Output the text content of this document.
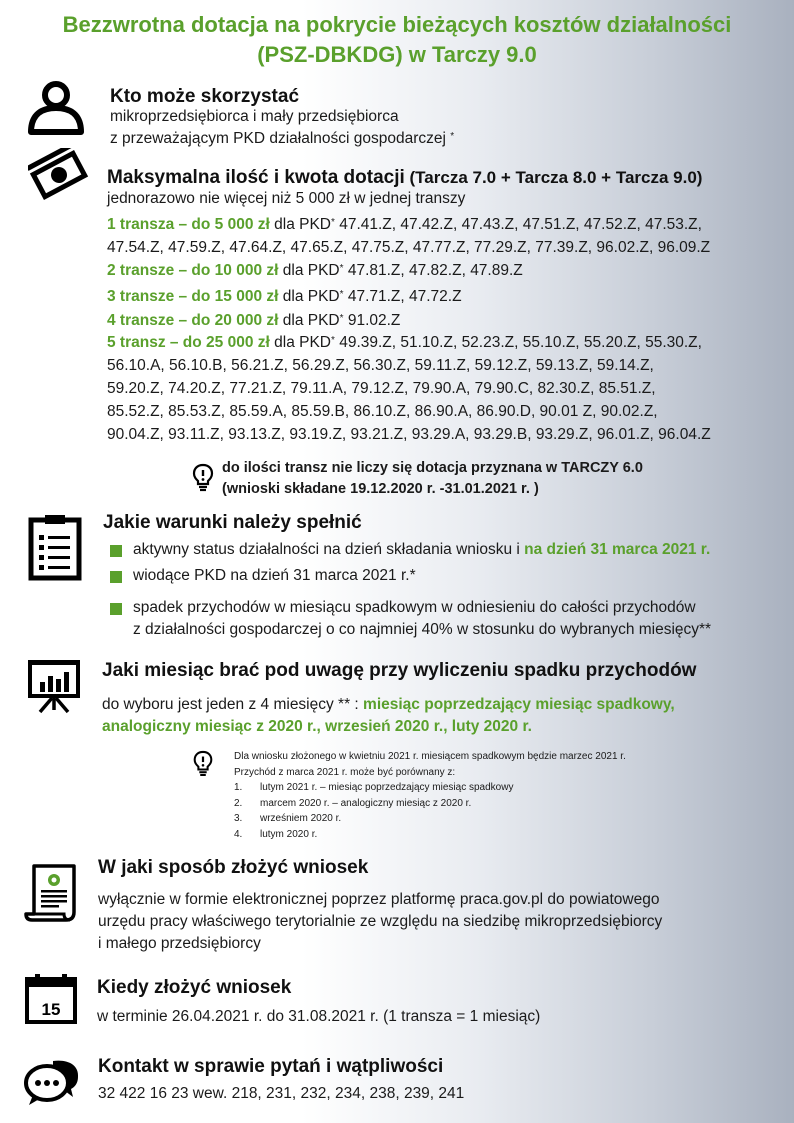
Bezzwrotna dotacja na pokrycie bieżących kosztów działalności
(PSZ-DBKDG) w Tarczy 9.0
Kto może skorzystać
mikroprzedsiębiorca i mały przedsiębiorca
z przeważającym PKD działalności gospodarczej *
Maksymalna ilość i kwota dotacji (Tarcza 7.0 + Tarcza 8.0 + Tarcza 9.0)
jednorazowo nie więcej niż 5 000 zł w jednej transzy
1 transza – do 5 000 zł dla PKD* 47.41.Z, 47.42.Z, 47.43.Z, 47.51.Z, 47.52.Z, 47.53.Z,
47.54.Z, 47.59.Z, 47.64.Z, 47.65.Z, 47.75.Z, 47.77.Z, 77.29.Z, 77.39.Z, 96.02.Z, 96.09.Z
2 transze – do 10 000 zł dla PKD* 47.81.Z, 47.82.Z, 47.89.Z
3 transze – do 15 000 zł dla PKD* 47.71.Z, 47.72.Z
4 transze – do 20 000 zł dla PKD* 91.02.Z
5 transz – do 25 000 zł dla PKD* 49.39.Z, 51.10.Z, 52.23.Z, 55.10.Z, 55.20.Z, 55.30.Z,
56.10.A, 56.10.B, 56.21.Z, 56.29.Z, 56.30.Z, 59.11.Z, 59.12.Z, 59.13.Z, 59.14.Z,
59.20.Z, 74.20.Z, 77.21.Z, 79.11.A, 79.12.Z, 79.90.A, 79.90.C, 82.30.Z, 85.51.Z,
85.52.Z, 85.53.Z, 85.59.A, 85.59.B, 86.10.Z, 86.90.A, 86.90.D, 90.01 Z, 90.02.Z,
90.04.Z, 93.11.Z, 93.13.Z, 93.19.Z, 93.21.Z, 93.29.A, 93.29.B, 93.29.Z, 96.01.Z, 96.04.Z
do ilości transz nie liczy się dotacja przyznana w TARCZY 6.0
(wnioski składane 19.12.2020 r. -31.01.2021 r. )
Jakie warunki należy spełnić
aktywny status działalności na dzień składania wniosku i na dzień 31 marca 2021 r.
wiodące PKD na dzień 31 marca 2021 r.*
spadek przychodów w miesiącu spadkowym w odniesieniu do całości przychodów
z działalności gospodarczej o co najmniej 40% w stosunku do wybranych miesięcy**
Jaki miesiąc brać pod uwagę przy wyliczeniu spadku przychodów
do wyboru jest jeden z 4 miesięcy ** : miesiąc poprzedzający miesiąc spadkowy,
analogiczny miesiąc z 2020 r., wrzesień 2020 r., luty 2020 r.
Dla wniosku złożonego w kwietniu 2021 r. miesiącem spadkowym będzie marzec 2021 r.
Przychód z marca 2021 r. może być porównany z:
1. lutym 2021 r. – miesiąc poprzedzający miesiąc spadkowy
2. marcem 2020 r. – analogiczny miesiąc z 2020 r.
3. wrześniem 2020 r.
4. lutym 2020 r.
W jaki sposób złożyć wniosek
wyłącznie w formie elektronicznej poprzez platformę praca.gov.pl do powiatowego
urzędu pracy właściwego terytorialnie ze względu na siedzibę mikroprzedsiębiorcy
i małego przedsiębiorcy
15
Kiedy złożyć wniosek
w terminie 26.04.2021 r. do 31.08.2021 r. (1 transza = 1 miesiąc)
Kontakt w sprawie pytań i wątpliwości
32 422 16 23 wew. 218, 231, 232, 234, 238, 239, 241
